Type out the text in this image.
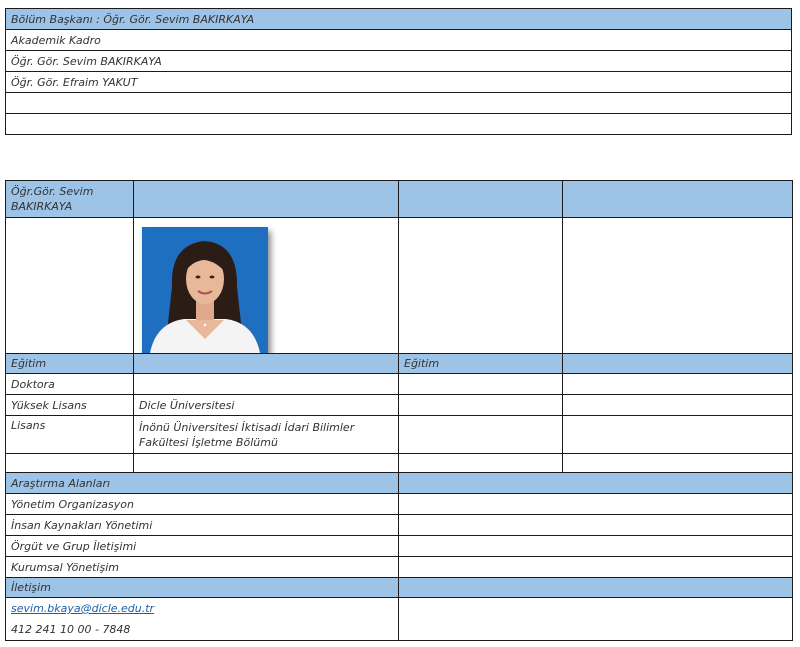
Bölüm Başkanı : Öğr. Gör. Sevim BAKIRKAYA
Akademik Kadro
Öğr. Gör. Sevim BAKIRKAYA
Öğr. Gör. Efraim YAKUT

Öğr.Gör. Sevim BAKIRKAYA			

Eğitim		Eğitim	
Doktora			
Yüksek Lisans	Dicle Üniversitesi		
Lisans	İnönü Üniversitesi İktisadi İdari Bilimler Fakültesi İşletme Bölümü		

Araştırma Alanları			
Yönetim Organizasyon			
İnsan Kaynakları Yönetimi			
Örgüt ve Grup İletişimi			
Kurumsal Yönetişim			
İletişim			
sevim.bkaya@dicle.edu.tr
412 241 10 00 - 7848			
